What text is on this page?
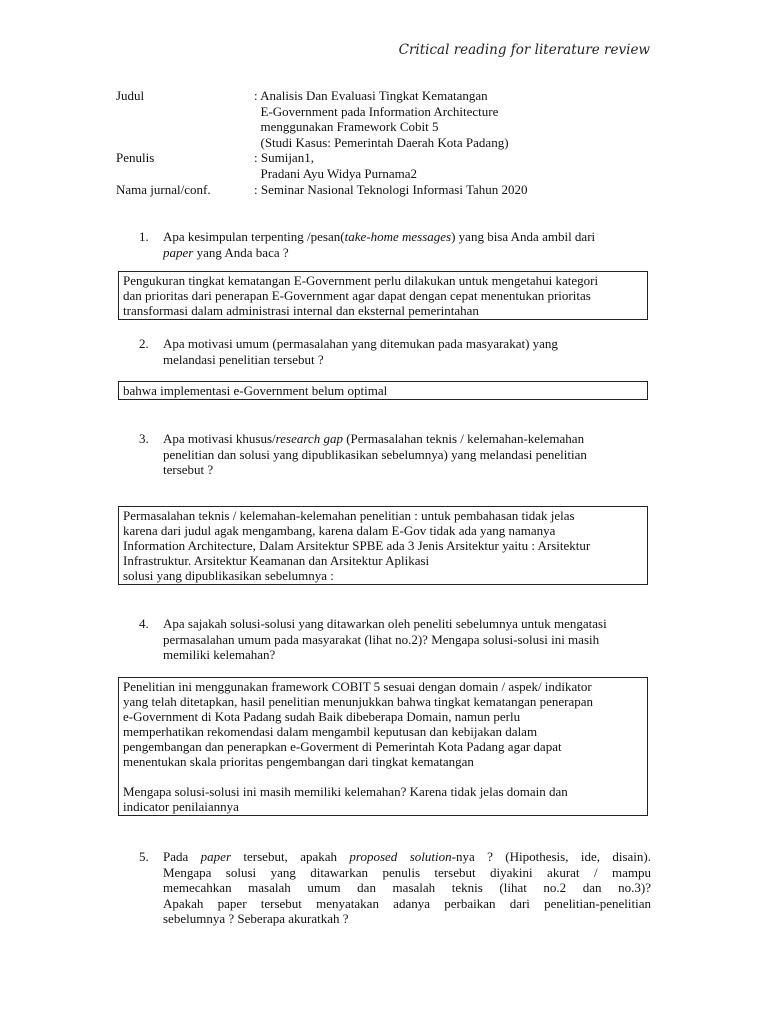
Critical reading for literature review
Judul	: Analisis Dan Evaluasi Tingkat Kematangan
E-Government pada Information Architecture
menggunakan Framework Cobit 5
(Studi Kasus: Pemerintah Daerah Kota Padang)
Penulis	: Sumijan1,
Pradani Ayu Widya Purnama2
Nama jurnal/conf.	: Seminar Nasional Teknologi Informasi Tahun 2020
1.	Apa kesimpulan terpenting /pesan(take-home messages) yang bisa Anda ambil dari
paper yang Anda baca ?
Pengukuran tingkat kematangan E-Government perlu dilakukan untuk mengetahui kategori
dan prioritas dari penerapan E-Government agar dapat dengan cepat menentukan prioritas
transformasi dalam administrasi internal dan eksternal pemerintahan
2.	Apa motivasi umum (permasalahan yang ditemukan pada masyarakat) yang
melandasi penelitian tersebut ?
bahwa implementasi e-Government belum optimal
3.	Apa motivasi khusus/research gap (Permasalahan teknis / kelemahan-kelemahan
penelitian dan solusi yang dipublikasikan sebelumnya) yang melandasi penelitian
tersebut ?
Permasalahan teknis / kelemahan-kelemahan penelitian : untuk pembahasan tidak jelas
karena dari judul agak mengambang, karena dalam E-Gov tidak ada yang namanya
Information Architecture, Dalam Arsitektur SPBE ada 3 Jenis Arsitektur yaitu : Arsitektur
Infrastruktur. Arsitektur Keamanan dan Arsitektur Aplikasi
solusi yang dipublikasikan sebelumnya :
4.	Apa sajakah solusi-solusi yang ditawarkan oleh peneliti sebelumnya untuk mengatasi
permasalahan umum pada masyarakat (lihat no.2)? Mengapa solusi-solusi ini masih
memiliki kelemahan?
Penelitian ini menggunakan framework COBIT 5 sesuai dengan domain / aspek/ indikator
yang telah ditetapkan, hasil penelitian menunjukkan bahwa tingkat kematangan penerapan
e-Government di Kota Padang sudah Baik dibeberapa Domain, namun perlu
memperhatikan rekomendasi dalam mengambil keputusan dan kebijakan dalam
pengembangan dan penerapkan e-Goverment di Pemerintah Kota Padang agar dapat
menentukan skala prioritas pengembangan dari tingkat kematangan
Mengapa solusi-solusi ini masih memiliki kelemahan? Karena tidak jelas domain dan
indicator penilaiannya
5.	Pada paper tersebut, apakah proposed solution-nya ? (Hipothesis, ide, disain).
Mengapa solusi yang ditawarkan penulis tersebut diyakini akurat / mampu
memecahkan masalah umum dan masalah teknis (lihat no.2 dan no.3)?
Apakah paper tersebut menyatakan adanya perbaikan dari penelitian-penelitian
sebelumnya ? Seberapa akuratkah ?
